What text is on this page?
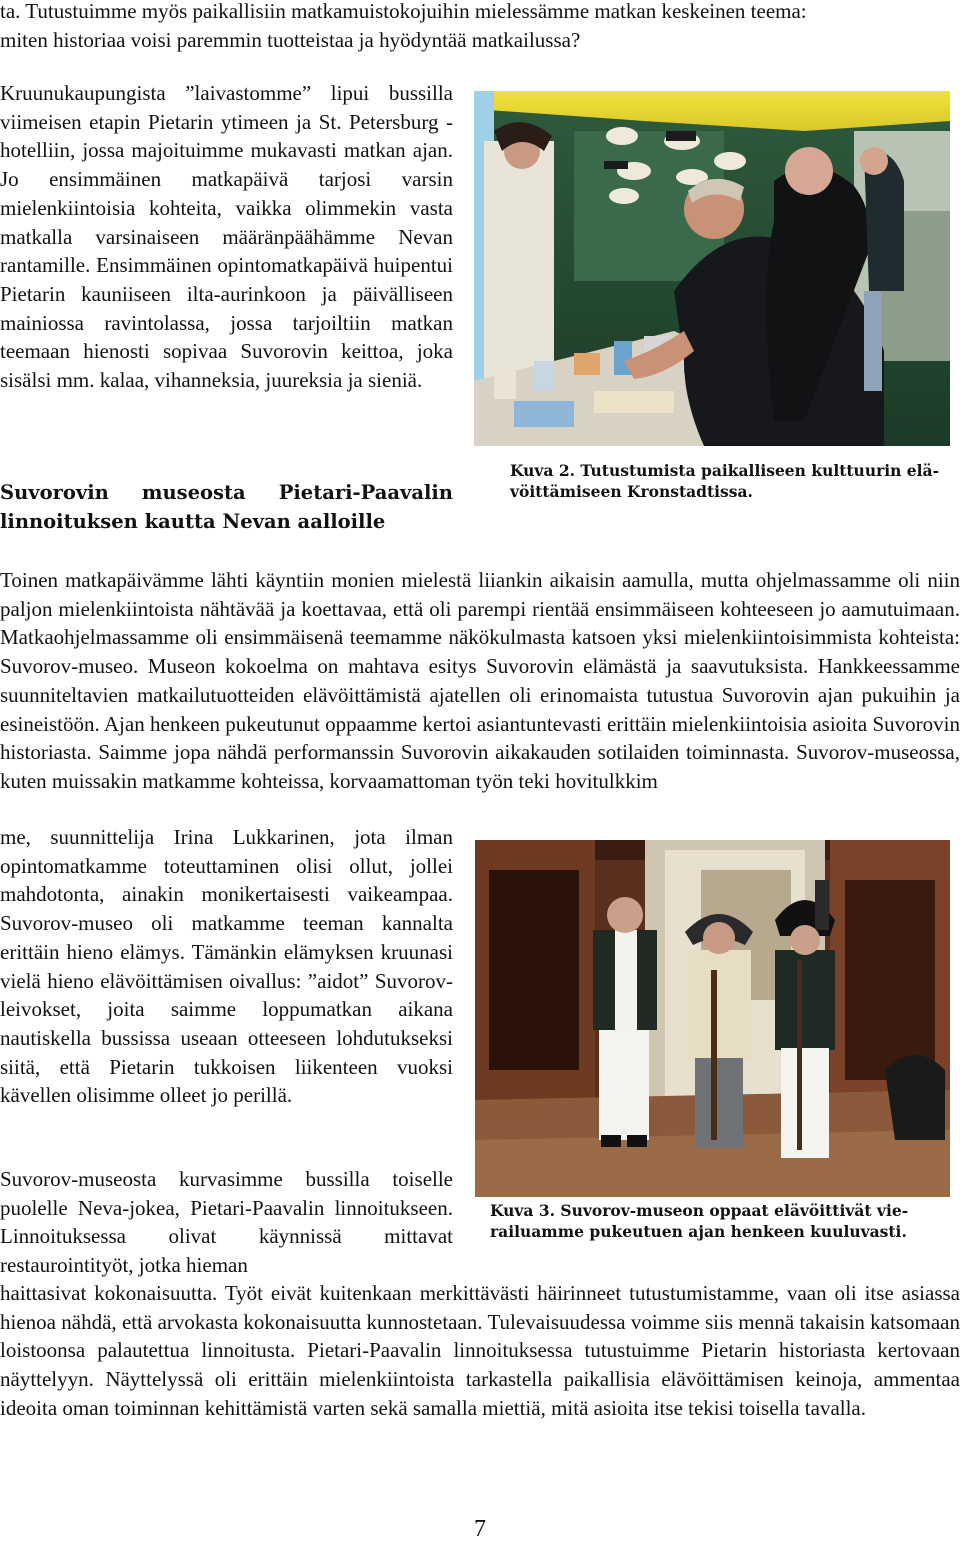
ta. Tutustuimme myös paikallisiin matkamuistokojuihin mielessämme matkan keskeinen teema:
miten historiaa voisi paremmin tuotteistaa ja hyödyntää matkailussa?

Kruunukaupungista ”laivastomme” lipui bussilla viimeisen etapin Pietarin ytimeen ja St. Petersburg -hotelliin, jossa majoituimme mukavasti matkan ajan. Jo ensimmäinen matkapäivä tarjosi varsin mielenkiintoisia kohteita, vaikka olimmekin vasta matkalla varsinaiseen määränpäähämme Nevan rantamille. Ensimmäinen opintomatkapäivä huipentui Pietarin kauniiseen ilta-aurinkoon ja päivälliseen mainiossa ravintolassa, jossa tarjoiltiin matkan teemaan hienosti sopivaa Suvorovin keittoa, joka sisälsi mm. kalaa, vihanneksia, juureksia ja sieniä.

Suvorovin museosta Pietari-Paavalin linnoituksen kautta Nevan aalloille
Kuva 2. Tutustumista paikalliseen kulttuurin elävöittämiseen Kronstadtissa.

Toinen matkapäivämme lähti käyntiin monien mielestä liiankin aikaisin aamulla, mutta ohjelmassamme oli niin paljon mielenkiintoista nähtävää ja koettavaa, että oli parempi rientää ensimmäiseen kohteeseen jo aamutuimaan. Matkaohjelmassamme oli ensimmäisenä teemamme näkökulmasta katsoen yksi mielenkiintoisimmista kohteista: Suvorov-museo. Museon kokoelma on mahtava esitys Suvorovin elämästä ja saavutuksista. Hankkeessamme suunniteltavien matkailutuotteiden elävöittämistä ajatellen oli erinomaista tutustua Suvorovin ajan pukuihin ja esineistöön. Ajan henkeen pukeutunut oppaamme kertoi asiantuntevasti erittäin mielenkiintoisia asioita Suvorovin historiasta. Saimme jopa nähdä performanssin Suvorovin aikakauden sotilaiden toiminnasta. Suvorov-museossa, kuten muissakin matkamme kohteissa, korvaamattoman työn teki hovitulkkim

me, suunnittelija Irina Lukkarinen, jota ilman opintomatkamme toteuttaminen olisi ollut, jollei mahdotonta, ainakin monikertaisesti vaikeampaa. Suvorov-museo oli matkamme teeman kannalta erittäin hieno elämys. Tämänkin elämyksen kruunasi vielä hieno elävöittämisen oivallus: ”aidot” Suvorovleivokset, joita saimme loppumatkan aikana nautiskella bussissa useaan otteeseen lohdutukseksi siitä, että Pietarin tukkoisen liikenteen vuoksi kävellen olisimme olleet jo perillä.

Suvorov-museosta kurvasimme bussilla toiselle puolelle Neva-jokea, Pietari-Paavalin linnoitukseen. Linnoituksessa olivat käynnissä mittavat restaurointityöt, jotka hieman

Kuva 3. Suvorov-museon oppaat elävöittivät vierailuamme pukeutuen ajan henkeen kuuluvasti.

haittasivat kokonaisuutta. Työt eivät kuitenkaan merkittävästi häirinneet tutustumistamme, vaan oli itse asiassa hienoa nähdä, että arvokasta kokonaisuutta kunnostetaan. Tulevaisuudessa voimme siis mennä takaisin katsomaan loistoonsa palautettua linnoitusta. Pietari-Paavalin linnoituksessa tutustuimme Pietarin historiasta kertovaan näyttelyyn. Näyttelyssä oli erittäin mielenkiintoista tarkastella paikallisia elävöittämisen keinoja, ammentaa ideoita oman toiminnan kehittämistä varten sekä samalla miettiä, mitä asioita itse tekisi toisella tavalla.

7
